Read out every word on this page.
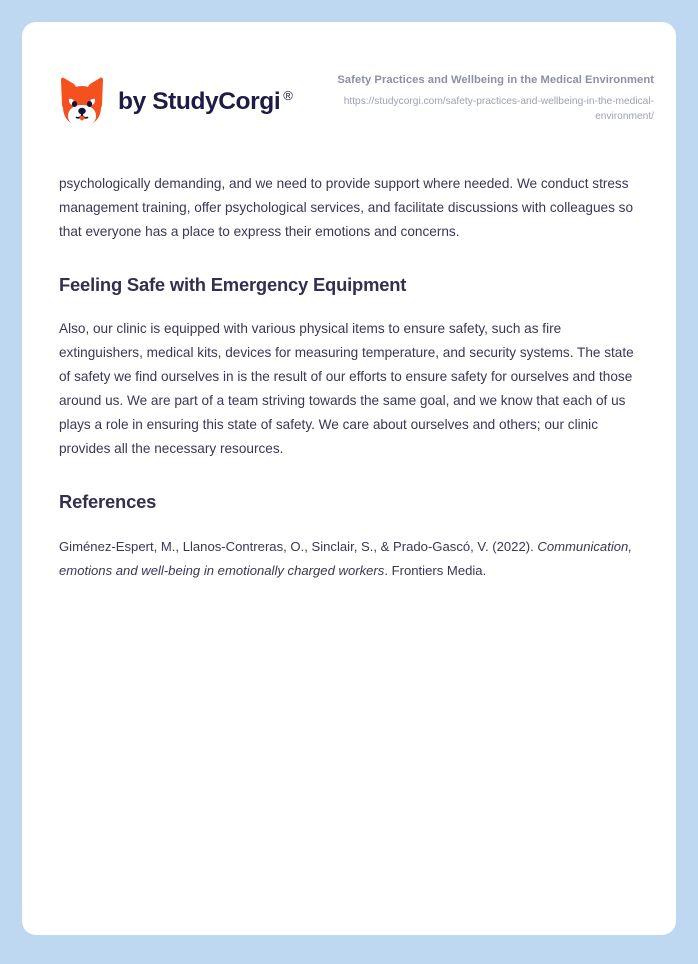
by StudyCorgi ®
Safety Practices and Wellbeing in the Medical Environment
https://studycorgi.com/safety-practices-and-wellbeing-in-the-medical-environment/

psychologically demanding, and we need to provide support where needed. We conduct stress management training, offer psychological services, and facilitate discussions with colleagues so that everyone has a place to express their emotions and concerns.

Feeling Safe with Emergency Equipment

Also, our clinic is equipped with various physical items to ensure safety, such as fire extinguishers, medical kits, devices for measuring temperature, and security systems. The state of safety we find ourselves in is the result of our efforts to ensure safety for ourselves and those around us. We are part of a team striving towards the same goal, and we know that each of us plays a role in ensuring this state of safety. We care about ourselves and others; our clinic provides all the necessary resources.

References

Giménez-Espert, M., Llanos-Contreras, O., Sinclair, S., & Prado-Gascó, V. (2022). Communication, emotions and well-being in emotionally charged workers. Frontiers Media.
